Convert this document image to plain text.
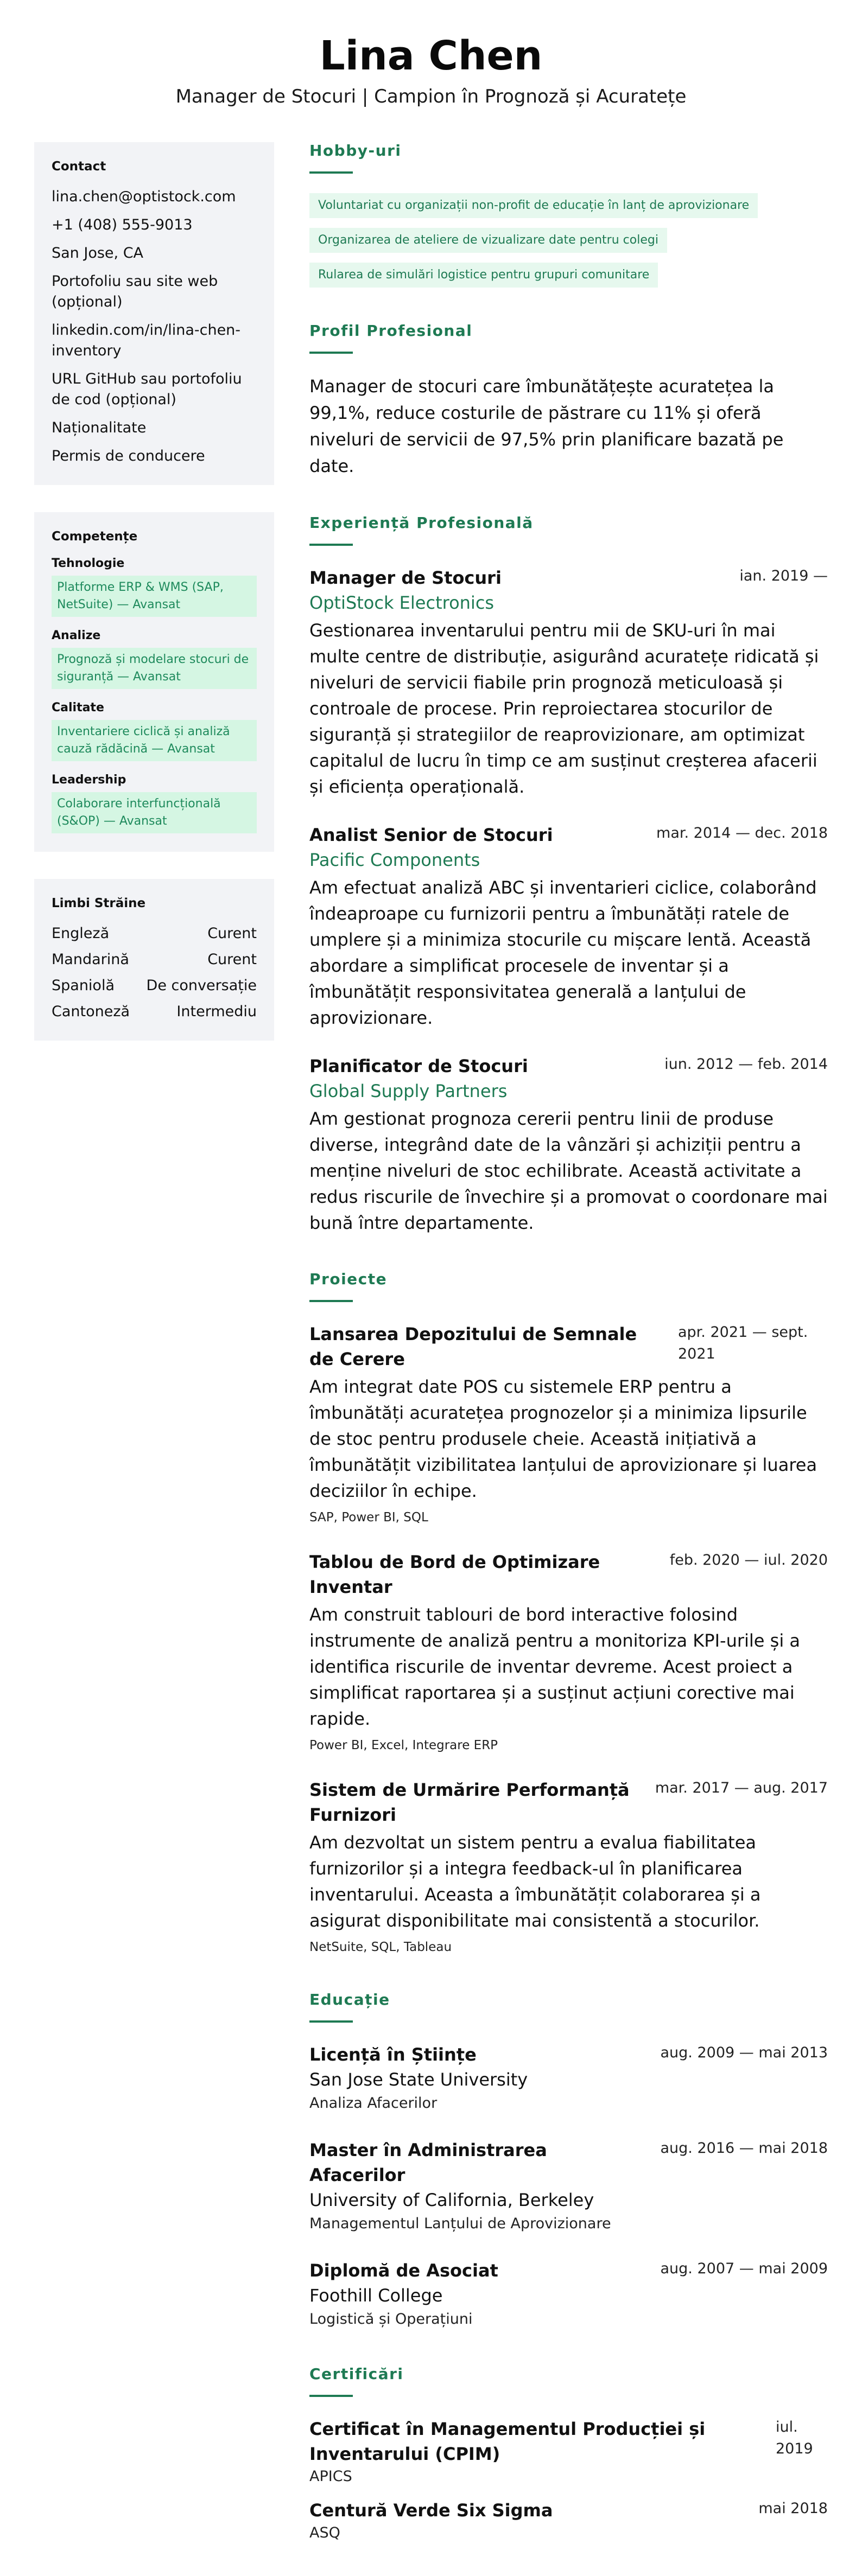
Lina Chen
Manager de Stocuri | Campion în Prognoză și Acuratețe
Contact
lina.chen@optistock.com
+1 (408) 555-9013
San Jose, CA
Portofoliu sau site web (opțional)
linkedin.com/in/lina-chen-inventory
URL GitHub sau portofoliu de cod (opțional)
Naționalitate
Permis de conducere
Competențe
Tehnologie
Platforme ERP & WMS (SAP, NetSuite) — Avansat
Analize
Prognoză și modelare stocuri de siguranță — Avansat
Calitate
Inventariere ciclică și analiză cauză rădăcină — Avansat
Leadership
Colaborare interfuncțională (S&OP) — Avansat
Limbi Străine
Engleză	Curent
Mandarină	Curent
Spaniolă De conversație
Cantoneză	Intermediu
Hobby-uri
Voluntariat cu organizații non-profit de educație în lanț de aprovizionare
Organizarea de ateliere de vizualizare date pentru colegi
Rularea de simulări logistice pentru grupuri comunitare
Profil Profesional
Manager de stocuri care îmbunătățește acuratețea la 99,1%, reduce costurile de păstrare cu 11% și oferă niveluri de servicii de 97,5% prin planificare bazată pe date.
Experiență Profesională
Manager de Stocuri	ian. 2019 —
OptiStock Electronics
Gestionarea inventarului pentru mii de SKU-uri în mai multe centre de distribuție, asigurând acuratețe ridicată și niveluri de servicii fiabile prin prognoză meticuloasă și controale de procese. Prin reproiectarea stocurilor de siguranță și strategiilor de reaprovizionare, am optimizat capitalul de lucru în timp ce am susținut creșterea afacerii și eficiența operațională.
Analist Senior de Stocuri	mar. 2014 — dec. 2018
Pacific Components
Am efectuat analiză ABC și inventarieri ciclice, colaborând îndeaproape cu furnizorii pentru a îmbunătăți ratele de umplere și a minimiza stocurile cu mișcare lentă. Această abordare a simplificat procesele de inventar și a îmbunătățit responsivitatea generală a lanțului de aprovizionare.
Planificator de Stocuri	iun. 2012 — feb. 2014
Global Supply Partners
Am gestionat prognoza cererii pentru linii de produse diverse, integrând date de la vânzări și achiziții pentru a menține niveluri de stoc echilibrate. Această activitate a redus riscurile de învechire și a promovat o coordonare mai bună între departamente.
Proiecte
Lansarea Depozitului de Semnale de Cerere
apr. 2021 — sept. 2021
Am integrat date POS cu sistemele ERP pentru a îmbunătăți acuratețea prognozelor și a minimiza lipsurile de stoc pentru produsele cheie. Această inițiativă a îmbunătățit vizibilitatea lanțului de aprovizionare și luarea deciziilor în echipe.
SAP, Power BI, SQL
Tablou de Bord de Optimizare Inventar
feb. 2020 — iul. 2020
Am construit tablouri de bord interactive folosind instrumente de analiză pentru a monitoriza KPI-urile și a identifica riscurile de inventar devreme. Acest proiect a simplificat raportarea și a susținut acțiuni corective mai rapide.
Power BI, Excel, Integrare ERP
Sistem de Urmărire Performanță Furnizori
mar. 2017 — aug. 2017
Am dezvoltat un sistem pentru a evalua fiabilitatea furnizorilor și a integra feedback-ul în planificarea inventarului. Aceasta a îmbunătățit colaborarea și a asigurat disponibilitate mai consistentă a stocurilor.
NetSuite, SQL, Tableau
Educație
Licență în Științe	aug. 2009 — mai 2013
San Jose State University
Analiza Afacerilor
Master în Administrarea Afacerilor
aug. 2016 — mai 2018
University of California, Berkeley
Managementul Lanțului de Aprovizionare
Diplomă de Asociat	aug. 2007 — mai 2009
Foothill College
Logistică și Operațiuni
Certificări
Certificat în Managementul Producției și Inventarului (CPIM)
iul. 2019
APICS
Centură Verde Six Sigma	mai 2018
ASQ
